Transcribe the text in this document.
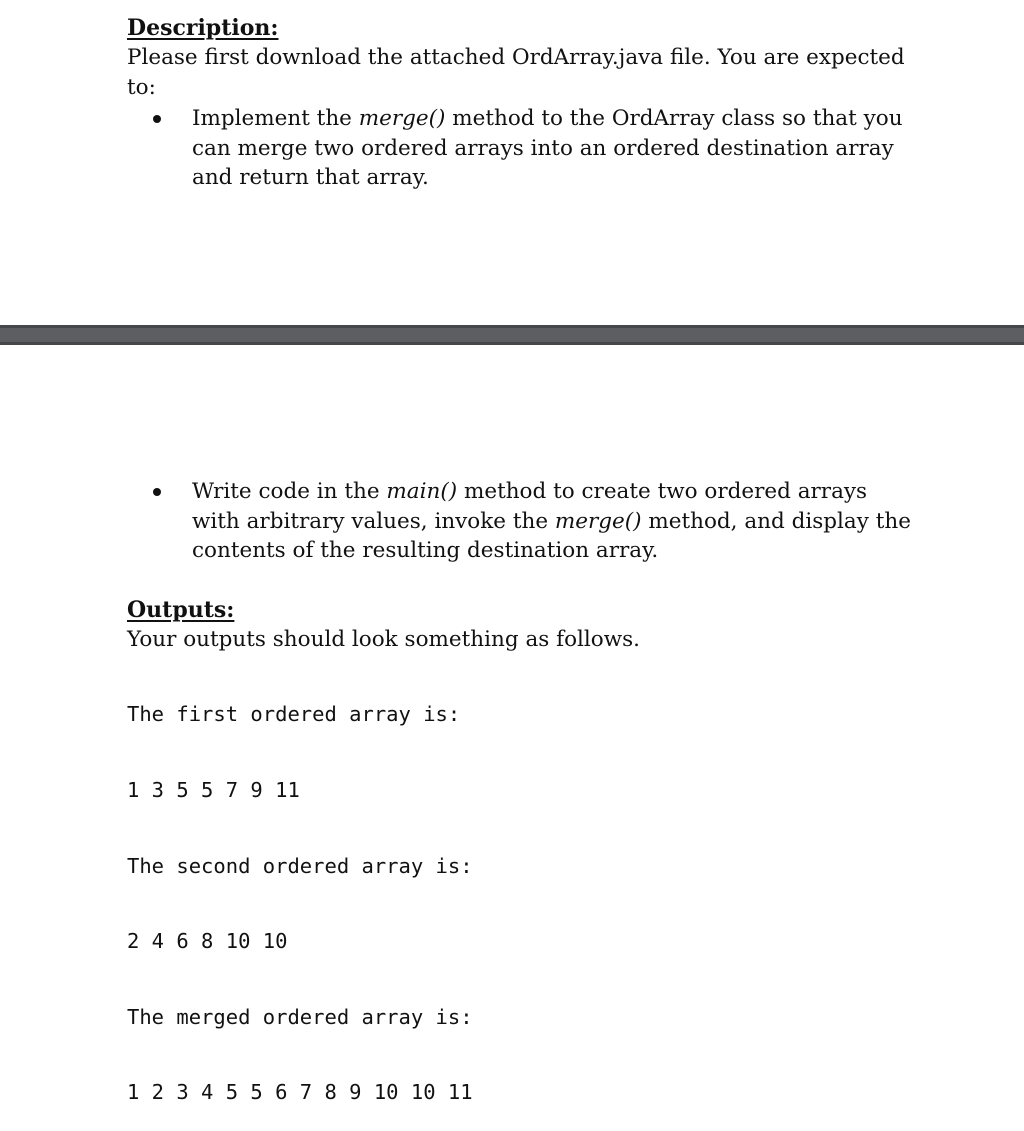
Description:

Please first download the attached OrdArray.java file. You are expected to:

Implement the merge() method to the OrdArray class so that you can merge two ordered arrays into an ordered destination array and return that array.
Write code in the main() method to create two ordered arrays with arbitrary values, invoke the merge() method, and display the contents of the resulting destination array.
Outputs:

Your outputs should look something as follows.

The first ordered array is:

1 3 5 5 7 9 11

The second ordered array is:

2 4 6 8 10 10

The merged ordered array is:

1 2 3 4 5 5 6 7 8 9 10 10 11
